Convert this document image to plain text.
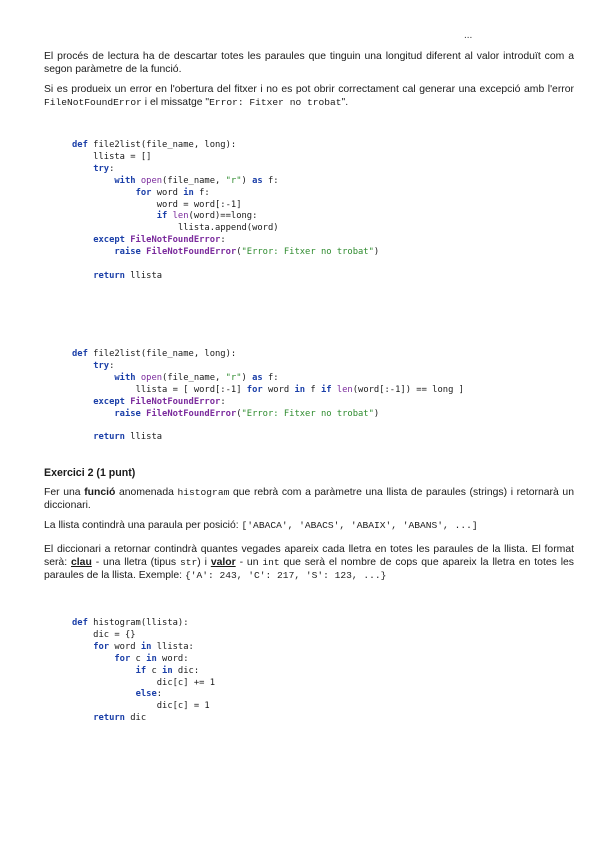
...

El procés de lectura ha de descartar totes les paraules que tinguin una longitud diferent al valor introduït com a segon paràmetre de la funció.

Si es produeix un error en l'obertura del fitxer i no es pot obrir correctament cal generar una excepció amb l'error FileNotFoundError i el missatge "Error: Fitxer no trobat".

def file2list(file_name, long):
llista = []
try:
with open(file_name, "r") as f:
for word in f:
word = word[:-1]
if len(word)==long:
llista.append(word)
except FileNotFoundError:
raise FileNotFoundError("Error: Fitxer no trobat")

return llista
def file2list(file_name, long):
try:
with open(file_name, "r") as f:
llista = [ word[:-1] for word in f if len(word[:-1]) == long ]
except FileNotFoundError:
raise FileNotFoundError("Error: Fitxer no trobat")

return llista

Exercici 2 (1 punt)

Fer una funció anomenada histogram que rebrà com a paràmetre una llista de paraules (strings) i retornarà un diccionari.

La llista contindrà una paraula per posició: ['ABACA', 'ABACS', 'ABAIX', 'ABANS', ...]

El diccionari a retornar contindrà quantes vegades apareix cada lletra en totes les paraules de la llista. El format serà: clau - una lletra (tipus str) i valor - un int que serà el nombre de cops que apareix la lletra en totes les paraules de la llista. Exemple: {'A': 243, 'C': 217, 'S': 123, ...}

def histogram(llista):
dic = {}
for word in llista:
for c in word:
if c in dic:
dic[c] += 1
else:
dic[c] = 1
return dic
